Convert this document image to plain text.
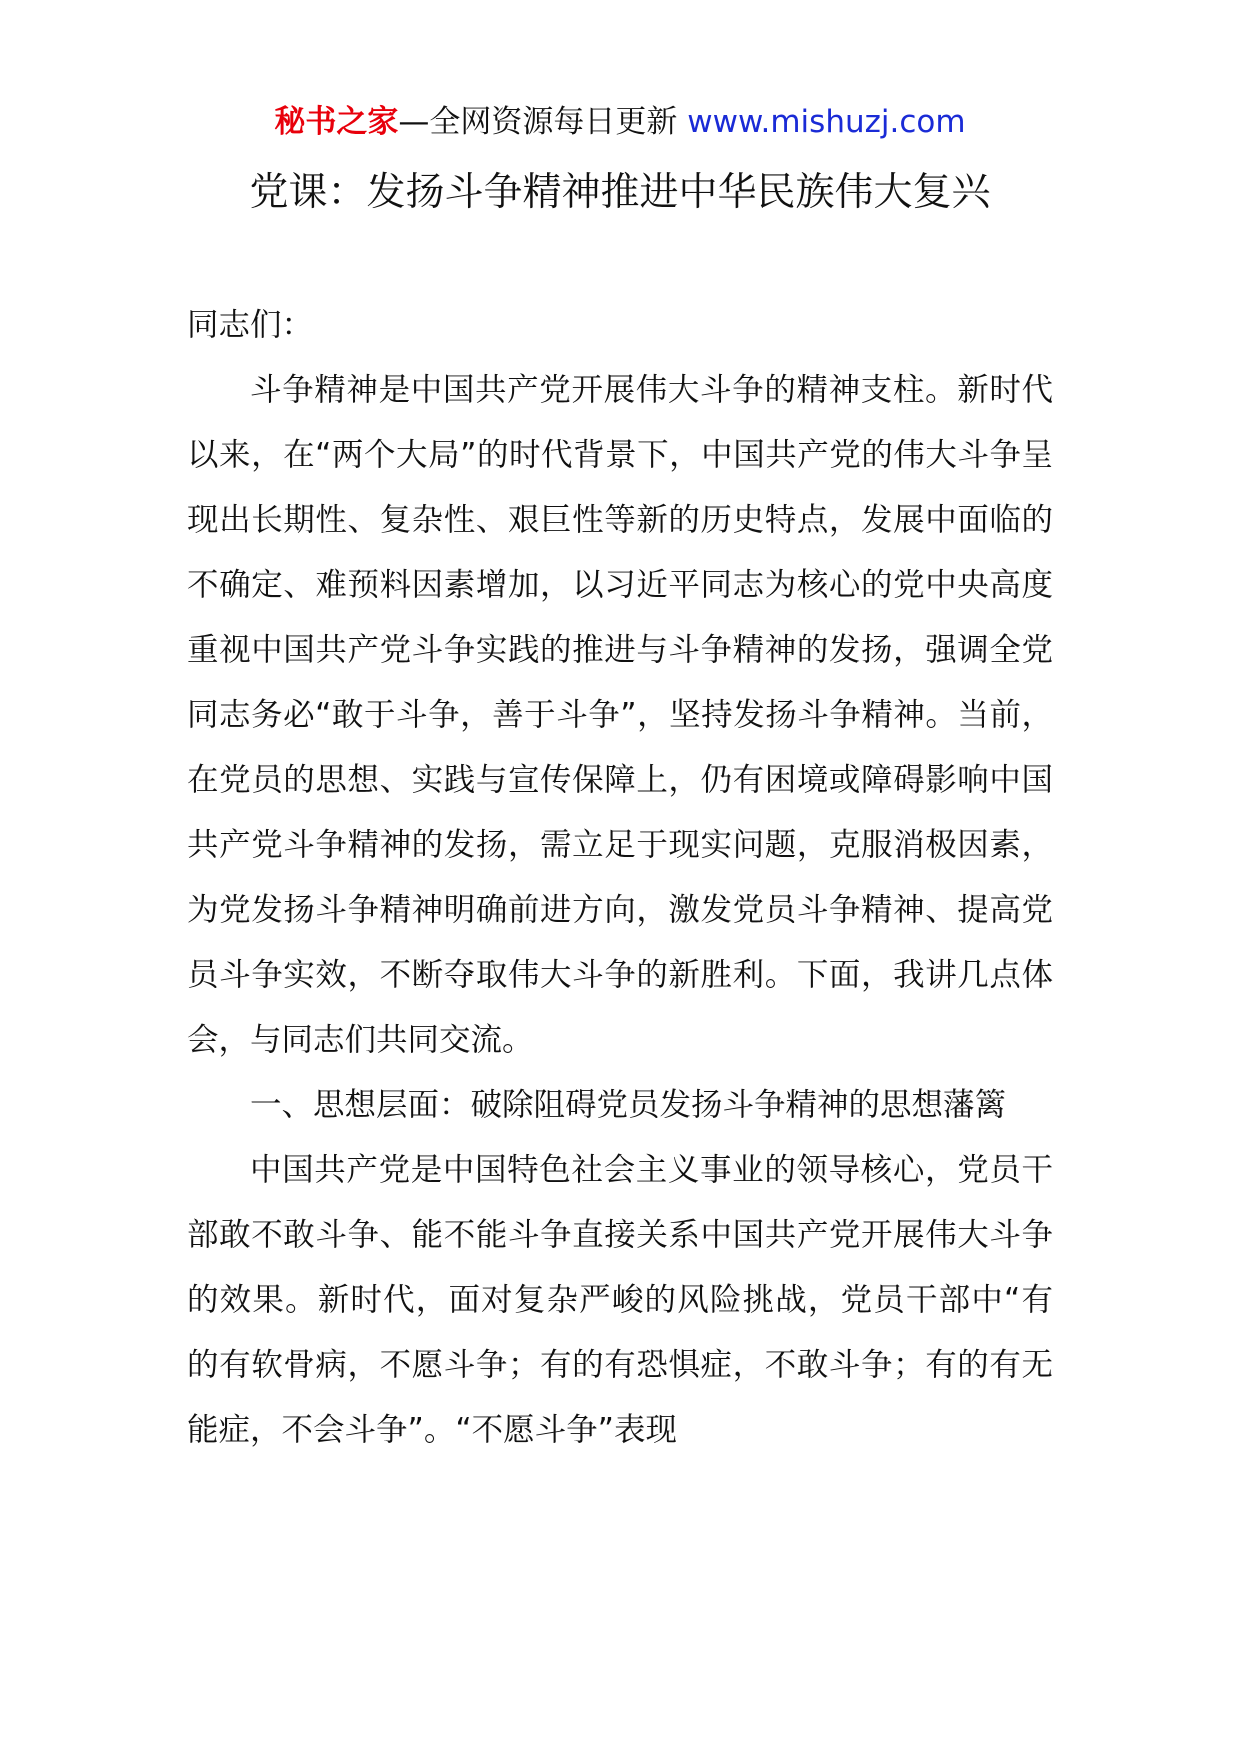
秘书之家—全网资源每日更新 www.mishuzj.com
党课：发扬斗争精神推进中华民族伟大复兴

同志们：

斗争精神是中国共产党开展伟大斗争的精神支柱。新时代以来，在“两个大局”的时代背景下，中国共产党的伟大斗争呈现出长期性、复杂性、艰巨性等新的历史特点，发展中面临的不确定、难预料因素增加，以习近平同志为核心的党中央高度重视中国共产党斗争实践的推进与斗争精神的发扬，强调全党同志务必“敢于斗争，善于斗争”，坚持发扬斗争精神。当前，在党员的思想、实践与宣传保障上，仍有困境或障碍影响中国共产党斗争精神的发扬，需立足于现实问题，克服消极因素，为党发扬斗争精神明确前进方向，激发党员斗争精神、提高党员斗争实效，不断夺取伟大斗争的新胜利。下面，我讲几点体会，与同志们共同交流。

一、思想层面：破除阻碍党员发扬斗争精神的思想藩篱

中国共产党是中国特色社会主义事业的领导核心，党员干部敢不敢斗争、能不能斗争直接关系中国共产党开展伟大斗争的效果。新时代，面对复杂严峻的风险挑战，党员干部中“有的有软骨病，不愿斗争；有的有恐惧症，不敢斗争；有的有无能症，不会斗争”。“不愿斗争”表现
